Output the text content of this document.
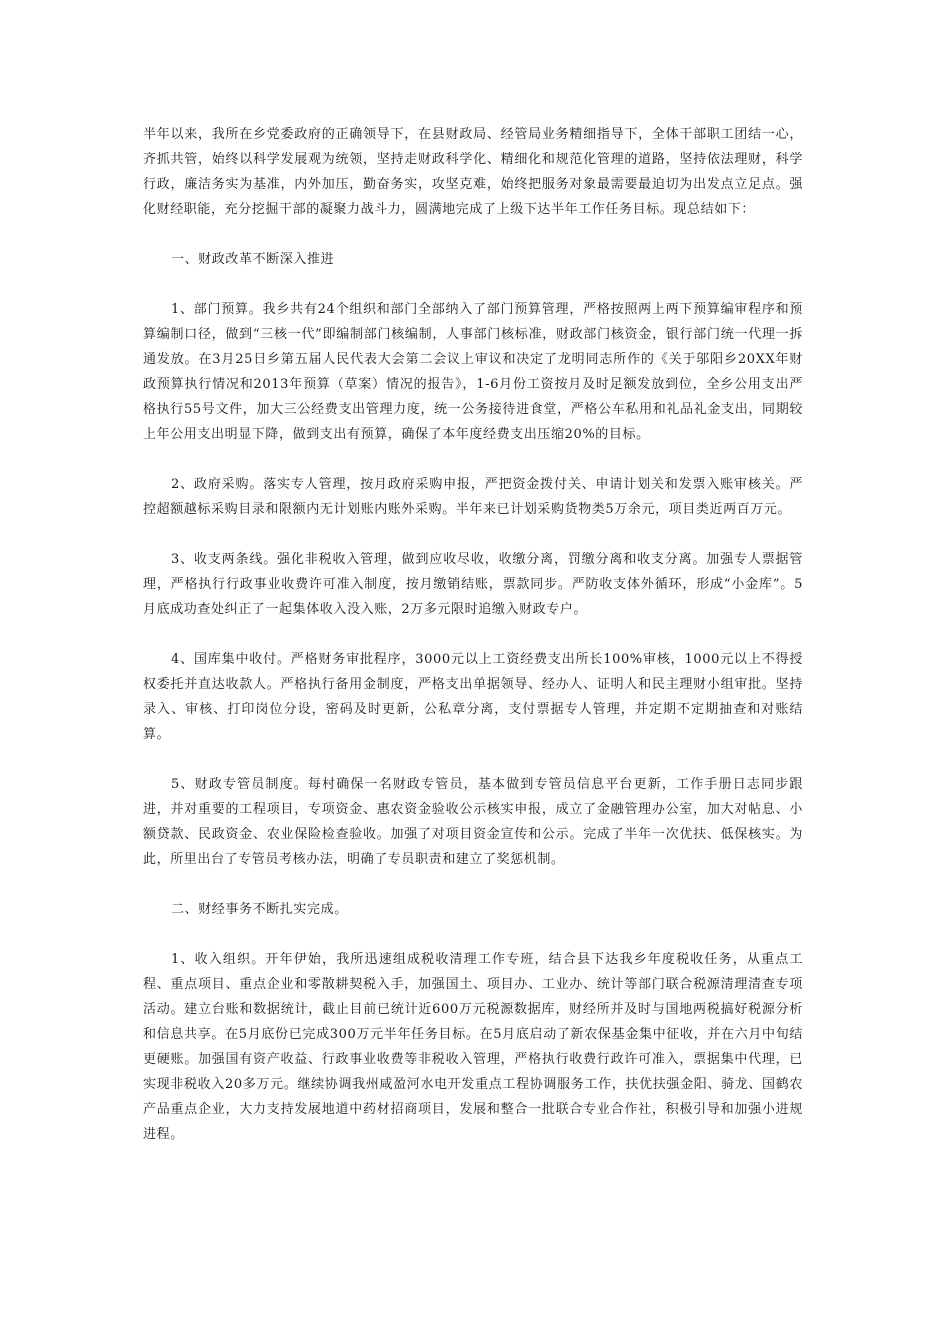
半年以来，我所在乡党委政府的正确领导下，在县财政局、经管局业务精细指导下，全体干部职工团结一心，齐抓共管，始终以科学发展观为统领，坚持走财政科学化、精细化和规范化管理的道路，坚持依法理财，科学行政，廉洁务实为基准，内外加压，勤奋务实，攻坚克难，始终把服务对象最需要最迫切为出发点立足点。强化财经职能，充分挖掘干部的凝聚力战斗力，圆满地完成了上级下达半年工作任务目标。现总结如下：

一、财政改革不断深入推进

1、部门预算。我乡共有24个组织和部门全部纳入了部门预算管理，严格按照两上两下预算编审程序和预算编制口径，做到“三核一代”即编制部门核编制，人事部门核标准，财政部门核资金，银行部门统一代理一拆通发放。在3月25日乡第五届人民代表大会第二会议上审议和决定了龙明同志所作的《关于邬阳乡20XX年财政预算执行情况和2013年预算（草案）情况的报告》，1-6月份工资按月及时足额发放到位，全乡公用支出严格执行55号文件，加大三公经费支出管理力度，统一公务接待进食堂，严格公车私用和礼品礼金支出，同期较上年公用支出明显下降，做到支出有预算，确保了本年度经费支出压缩20%的目标。

2、政府采购。落实专人管理，按月政府采购申报，严把资金拨付关、申请计划关和发票入账审核关。严控超额越标采购目录和限额内无计划账内账外采购。半年来已计划采购货物类5万余元，项目类近两百万元。

3、收支两条线。强化非税收入管理，做到应收尽收，收缴分离，罚缴分离和收支分离。加强专人票据管理，严格执行行政事业收费许可准入制度，按月缴销结账，票款同步。严防收支体外循环，形成“小金库”。5月底成功查处纠正了一起集体收入没入账，2万多元限时追缴入财政专户。

4、国库集中收付。严格财务审批程序，3000元以上工资经费支出所长100%审核，1000元以上不得授权委托并直达收款人。严格执行备用金制度，严格支出单据领导、经办人、证明人和民主理财小组审批。坚持录入、审核、打印岗位分设，密码及时更新，公私章分离，支付票据专人管理，并定期不定期抽查和对账结算。

5、财政专管员制度。每村确保一名财政专管员，基本做到专管员信息平台更新，工作手册日志同步跟进，并对重要的工程项目，专项资金、惠农资金验收公示核实申报，成立了金融管理办公室，加大对帖息、小额贷款、民政资金、农业保险检查验收。加强了对项目资金宣传和公示。完成了半年一次优扶、低保核实。为此，所里出台了专管员考核办法，明确了专员职责和建立了奖惩机制。

二、财经事务不断扎实完成。

1、收入组织。开年伊始，我所迅速组成税收清理工作专班，结合县下达我乡年度税收任务，从重点工程、重点项目、重点企业和零散耕契税入手，加强国土、项目办、工业办、统计等部门联合税源清理清查专项活动。建立台账和数据统计，截止目前已统计近600万元税源数据库，财经所并及时与国地两税搞好税源分析和信息共享。在5月底份已完成300万元半年任务目标。在5月底启动了新农保基金集中征收，并在六月中旬结更硬账。加强国有资产收益、行政事业收费等非税收入管理，严格执行收费行政许可准入，票据集中代理，已实现非税收入20多万元。继续协调我州咸盈河水电开发重点工程协调服务工作，扶优扶强金阳、骑龙、国鹤农产品重点企业，大力支持发展地道中药材招商项目，发展和整合一批联合专业合作社，积极引导和加强小进规进程。
